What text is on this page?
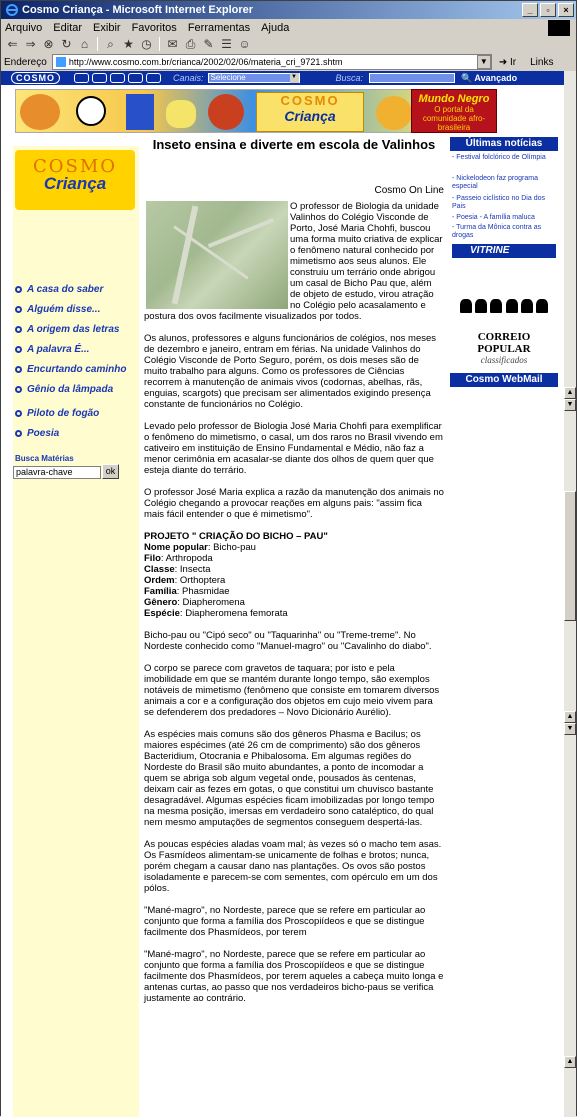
Cosmo Criança - Microsoft Internet Explorer	_	▫	×
Arquivo Editar Exibir Favoritos Ferramentas Ajuda
⇐ ⇒ ⊗ ↻ ⌂	⌕ ★ ◷ ✉ ⎙ ✎ ☰ ☺
Endereço http://www.cosmo.com.br/crianca/2002/02/06/materia_cri_9721.shtm	▼	➜ Ir Links
COSMO	Canais: Selecione	▼	Busca:	🔍 Avançado
COSMO
Criança
Mundo Negro
O portal da comunidade afro-brasileira
COSMO
Criança
A casa do saber
Alguém disse...
A origem das letras
A palavra É...
Encurtando caminho
Gênio da lâmpada
Piloto de fogão
Poesia
Busca Matérias
palavra-chave	ok
Inseto ensina e diverte em escola de Valinhos
Cosmo On Line
O professor de Biologia da unidade Valinhos do Colégio Visconde de Porto, José Maria Chohfi, buscou uma forma muito criativa de explicar o fenômeno natural conhecido por mimetismo aos seus alunos. Ele construiu um terrário onde abrigou um casal de Bicho Pau que, além de objeto de estudo, virou atração no Colégio pelo acasalamento e postura dos ovos facilmente visualizados por todos.
Os alunos, professores e alguns funcionários de colégios, nos meses de dezembro e janeiro, entram em férias. Na unidade Valinhos do Colégio Visconde de Porto Seguro, porém, os dois meses são de muito trabalho para alguns. Como os professores de Ciências recorrem à manutenção de animais vivos (codornas, abelhas, rãs, enguias, scargots) que precisam ser alimentados exigindo presença constante de funcionários no Colégio.
Levado pelo professor de Biologia José Maria Chohfi para exemplificar o fenômeno do mimetismo, o casal, um dos raros no Brasil vivendo em cativeiro em instituição de Ensino Fundamental e Médio, não faz a menor cerimônia em acasalar-se diante dos olhos de quem quer que esteja diante do terrário.
O professor José Maria explica a razão da manutenção dos animais no Colégio chegando a provocar reações em alguns pais: "assim fica mais fácil entender o que é mimetismo".
PROJETO " CRIAÇÃO DO BICHO – PAU"
Nome popular: Bicho-pau
Filo: Arthropoda
Classe: Insecta
Ordem: Orthoptera
Família: Phasmidae
Gênero: Diapheromena
Espécie: Diapheromena femorata
Bicho-pau ou "Cipó seco" ou "Taquarinha" ou "Treme-treme". No Nordeste conhecido como "Manuel-magro" ou "Cavalinho do diabo".
O corpo se parece com gravetos de taquara; por isto e pela imobilidade em que se mantém durante longo tempo, são exemplos notáveis de mimetismo (fenômeno que consiste em tomarem diversos animais a cor e a configuração dos objetos em cujo meio vivem para se defenderem dos predadores – Novo Dicionário Aurélio).
As espécies mais comuns são dos gêneros Phasma e Bacilus; os maiores espécimes (até 26 cm de comprimento) são dos gêneros Bacteridium, Otocrania e Phibalosoma. Em algumas regiões do Nordeste do Brasil são muito abundantes, a ponto de incomodar a quem se abriga sob algum vegetal onde, pousados às centenas, deixam cair as fezes em gotas, o que constitui um chuvisco bastante desagradável. Algumas espécies ficam imobilizadas por longo tempo na mesma posição, imersas em verdadeiro sono cataléptico, do qual nem mesmo amputações de segmentos conseguem despertá-las.
As poucas espécies aladas voam mal; às vezes só o macho tem asas. Os Fasmídeos alimentam-se unicamente de folhas e brotos; nunca, porém chegam a causar dano nas plantações. Os ovos são postos isoladamente e parecem-se com sementes, com opérculo em um dos pólos.
"Mané-magro", no Nordeste, parece que se refere em particular ao conjunto que forma a família dos Proscopiídeos e que se distingue facilmente dos Phasmídeos, por terem
"Mané-magro", no Nordeste, parece que se refere em particular ao conjunto que forma a família dos Proscopiídeos e que se distingue facilmente dos Phasmídeos, por terem aqueles a cabeça muito longa e antenas curtas, ao passo que nos verdadeiros bicho-paus se verifica justamente ao contrário.
Últimas notícias
- Festival folclórico de Olímpia
- Nickelodeon faz programa especial
- Passeio ciclístico no Dia dos Pais
- Poesia - A família maluca
- Turma da Mônica contra as drogas
VITRINE
CORREIO POPULAR
classificados
Cosmo WebMail
▲
▼
▲
▼
▲
